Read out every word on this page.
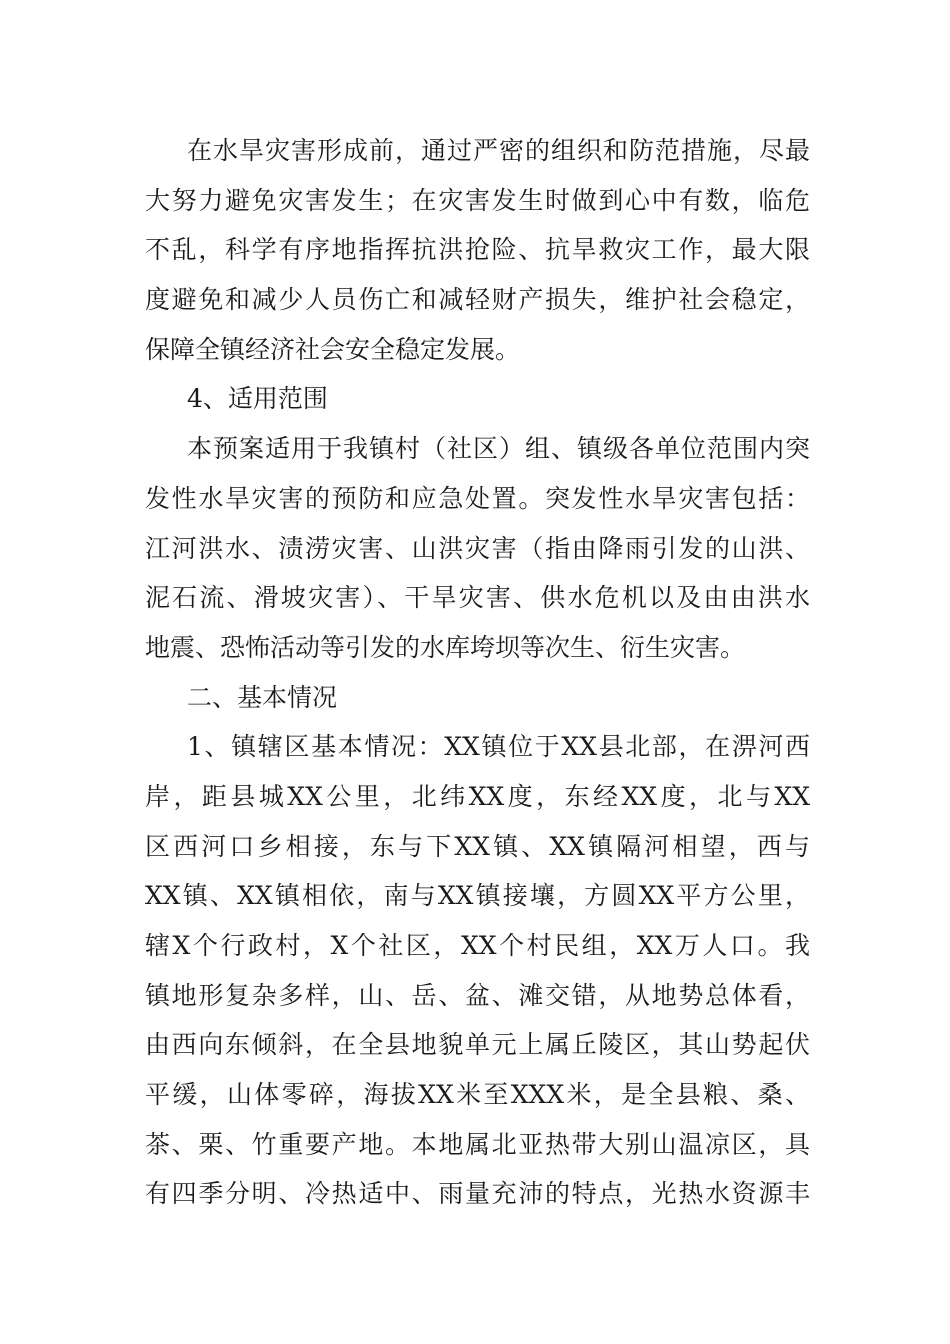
在水旱灾害形成前，通过严密的组织和防范措施，尽最
大努力避免灾害发生；在灾害发生时做到心中有数，临危
不乱，科学有序地指挥抗洪抢险、抗旱救灾工作，最大限
度避免和减少人员伤亡和减轻财产损失，维护社会稳定，
保障全镇经济社会安全稳定发展。
4、适用范围
本预案适用于我镇村（社区）组、镇级各单位范围内突
发性水旱灾害的预防和应急处置。突发性水旱灾害包括：
江河洪水、渍涝灾害、山洪灾害（指由降雨引发的山洪、
泥石流、滑坡灾害）、干旱灾害、供水危机以及由由洪水
地震、恐怖活动等引发的水库垮坝等次生、衍生灾害。
二、基本情况
1、镇辖区基本情况：XX镇位于XX县北部，在淠河西
岸，距县城XX公里，北纬XX度，东经XX度，北与XX
区西河口乡相接，东与下XX镇、XX镇隔河相望，西与
XX镇、XX镇相依，南与XX镇接壤，方圆XX平方公里，
辖X个行政村，X个社区，XX个村民组，XX万人口。我
镇地形复杂多样，山、岳、盆、滩交错，从地势总体看，
由西向东倾斜，在全县地貌单元上属丘陵区，其山势起伏
平缓，山体零碎，海拔XX米至XXX米，是全县粮、桑、
茶、栗、竹重要产地。本地属北亚热带大别山温凉区，具
有四季分明、冷热适中、雨量充沛的特点，光热水资源丰
